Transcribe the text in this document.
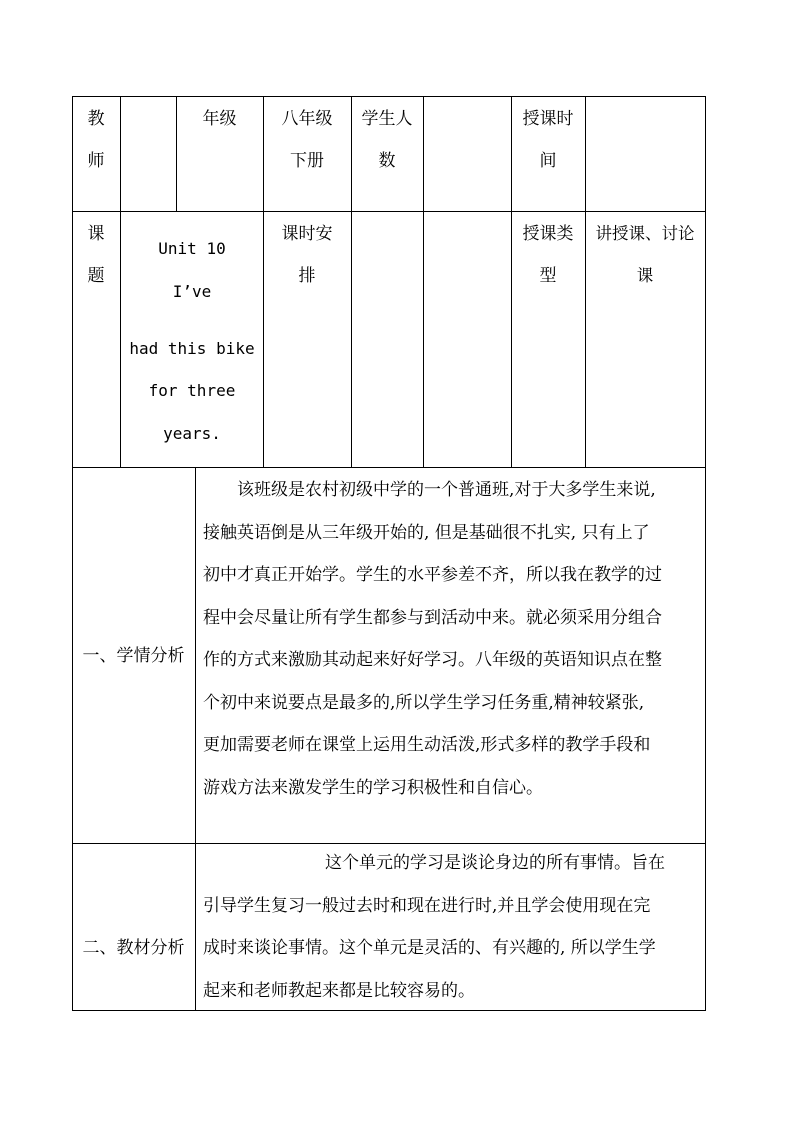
教
师
年级	八年级
下册
学生人
数
授课时
间
课
题
Unit 10
I’ve
had this bike
for three
years.
课时安
排
授课类
型
讲授课、讨论
课
一、学情分析
该班级是农村初级中学的一个普通班,对于大多学生来说,
接触英语倒是从三年级开始的, 但是基础很不扎实, 只有上了
初中才真正开始学。学生的水平参差不齐，所以我在教学的过
程中会尽量让所有学生都参与到活动中来。就必须采用分组合
作的方式来激励其动起来好好学习。八年级的英语知识点在整
个初中来说要点是最多的,所以学生学习任务重,精神较紧张,
更加需要老师在课堂上运用生动活泼,形式多样的教学手段和
游戏方法来激发学生的学习积极性和自信心。
二、教材分析
这个单元的学习是谈论身边的所有事情。旨在
引导学生复习一般过去时和现在进行时,并且学会使用现在完
成时来谈论事情。这个单元是灵活的、有兴趣的, 所以学生学
起来和老师教起来都是比较容易的。
